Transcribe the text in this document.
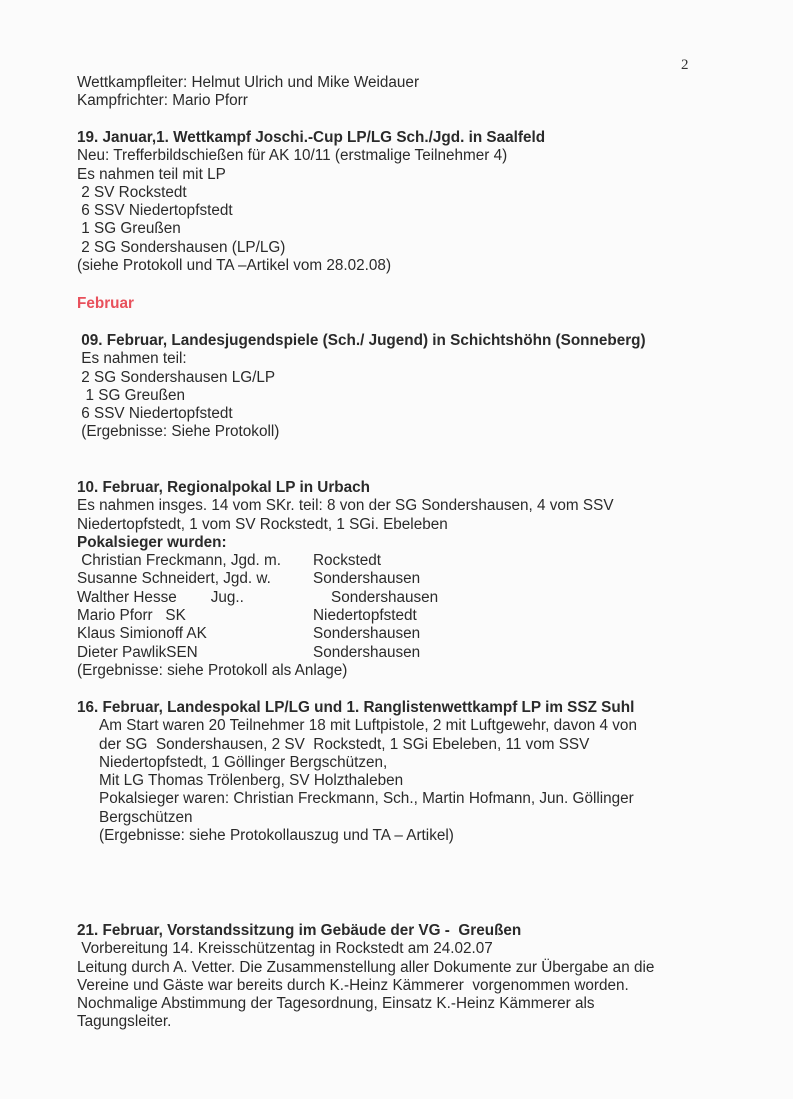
2
Wettkampfleiter: Helmut Ulrich und Mike Weidauer
Kampfrichter: Mario Pforr
19. Januar,1. Wettkampf Joschi.-Cup LP/LG Sch./Jgd. in Saalfeld
Neu: Trefferbildschießen für AK 10/11 (erstmalige Teilnehmer 4)
Es nahmen teil mit LP
2 SV Rockstedt
6 SSV Niedertopfstedt
1 SG Greußen
2 SG Sondershausen (LP/LG)
(siehe Protokoll und TA –Artikel vom 28.02.08)
Februar
09. Februar, Landesjugendspiele (Sch./ Jugend) in Schichtshöhn (Sonneberg)
Es nahmen teil:
2 SG Sondershausen LG/LP
1 SG Greußen
6 SSV Niedertopfstedt
(Ergebnisse: Siehe Protokoll)
10. Februar, Regionalpokal LP in Urbach
Es nahmen insges. 14 vom SKr. teil: 8 von der SG Sondershausen, 4 vom SSV
Niedertopfstedt, 1 vom SV Rockstedt, 1 SGi. Ebeleben
Pokalsieger wurden:
Christian Freckmann, Jgd. m.	Rockstedt
Susanne Schneidert, Jgd. w.	Sondershausen
Walther Hesse        Jug..	Sondershausen
Mario Pforr   SK	Niedertopfstedt
Klaus Simionoff AK	Sondershausen
Dieter PawlikSEN	Sondershausen
(Ergebnisse: siehe Protokoll als Anlage)
16. Februar, Landespokal LP/LG und 1. Ranglistenwettkampf LP im SSZ Suhl
Am Start waren 20 Teilnehmer 18 mit Luftpistole, 2 mit Luftgewehr, davon 4 von
der SG  Sondershausen, 2 SV  Rockstedt, 1 SGi Ebeleben, 11 vom SSV
Niedertopfstedt, 1 Göllinger Bergschützen,
Mit LG Thomas Trölenberg, SV Holzthaleben
Pokalsieger waren: Christian Freckmann, Sch., Martin Hofmann, Jun. Göllinger
Bergschützen
(Ergebnisse: siehe Protokollauszug und TA – Artikel)
21. Februar, Vorstandssitzung im Gebäude der VG -  Greußen
Vorbereitung 14. Kreisschützentag in Rockstedt am 24.02.07
Leitung durch A. Vetter. Die Zusammenstellung aller Dokumente zur Übergabe an die
Vereine und Gäste war bereits durch K.-Heinz Kämmerer  vorgenommen worden.
Nochmalige Abstimmung der Tagesordnung, Einsatz K.-Heinz Kämmerer als
Tagungsleiter.
